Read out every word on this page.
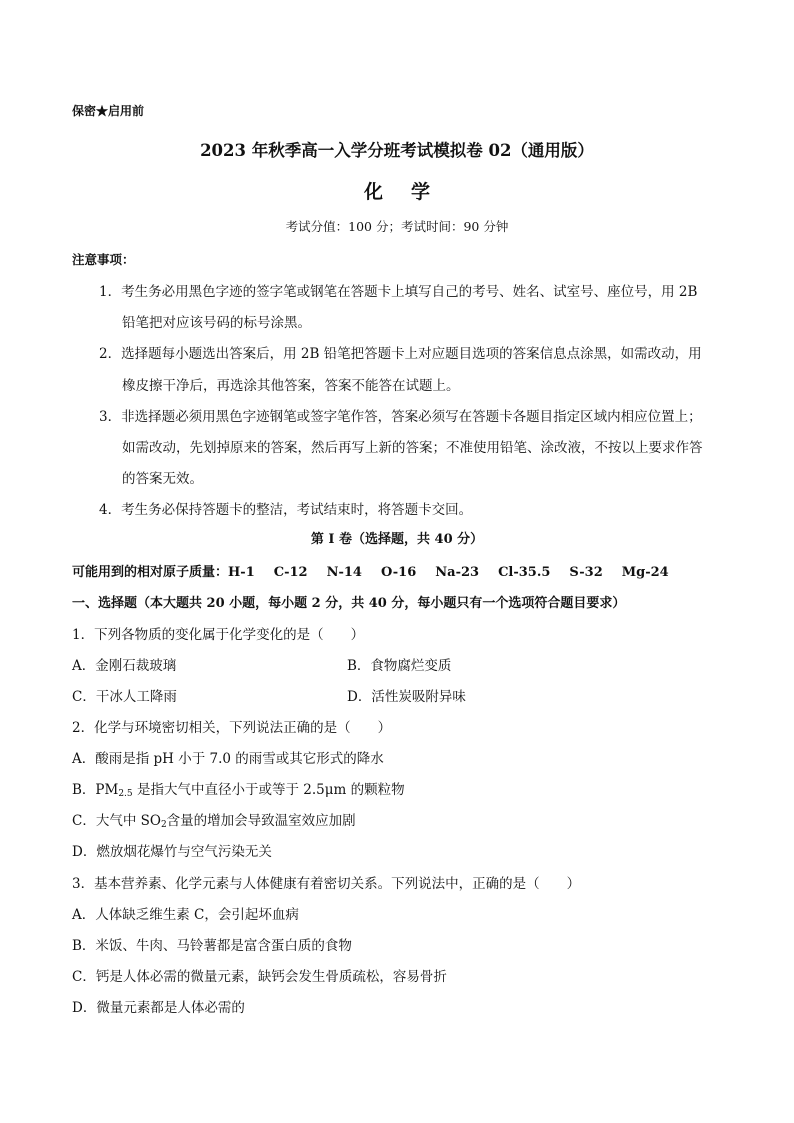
保密★启用前
2023 年秋季高一入学分班考试模拟卷 02（通用版）
化学
考试分值：100 分；考试时间：90 分钟
注意事项：
1．考生务必用黑色字迹的签字笔或钢笔在答题卡上填写自己的考号、姓名、试室号、座位号，用 2B
铅笔把对应该号码的标号涂黑。
2．选择题每小题选出答案后，用 2B 铅笔把答题卡上对应题目选项的答案信息点涂黑，如需改动，用
橡皮擦干净后，再选涂其他答案，答案不能答在试题上。
3．非选择题必须用黑色字迹钢笔或签字笔作答，答案必须写在答题卡各题目指定区域内相应位置上；
如需改动，先划掉原来的答案，然后再写上新的答案；不准使用铅笔、涂改液，不按以上要求作答
的答案无效。
4．考生务必保持答题卡的整洁，考试结束时，将答题卡交回。
第 I 卷（选择题，共 40 分）
可能用到的相对原子质量：H-1 C-12 N-14 O-16 Na-23 Cl-35.5 S-32 Mg-24
一、选择题（本大题共 20 小题，每小题 2 分，共 40 分，每小题只有一个选项符合题目要求）
1．下列各物质的变化属于化学变化的是（　　）
A．金刚石裁玻璃	B．食物腐烂变质
C．干冰人工降雨	D．活性炭吸附异味
2．化学与环境密切相关，下列说法正确的是（　　）
A．酸雨是指 pH 小于 7.0 的雨雪或其它形式的降水
B．$PM_{2.5}$ 是指大气中直径小于或等于 2.5μm 的颗粒物
C．大气中 $SO_2$含量的增加会导致温室效应加剧
D．燃放烟花爆竹与空气污染无关
3．基本营养素、化学元素与人体健康有着密切关系。下列说法中，正确的是（　　）
A．人体缺乏维生素 C，会引起坏血病
B．米饭、牛肉、马铃薯都是富含蛋白质的食物
C．钙是人体必需的微量元素，缺钙会发生骨质疏松，容易骨折
D．微量元素都是人体必需的
